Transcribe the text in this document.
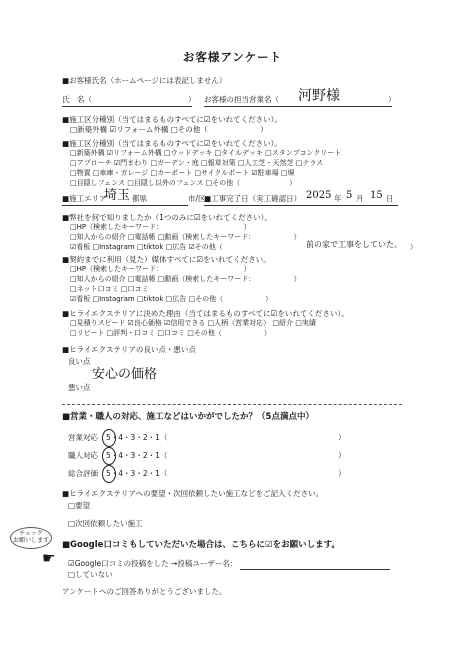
お客様アンケート
■お客様氏名（ホームページには表記しません）
氏　名（	） お客様の担当営業名（ 河野様	）
■施工区分種別（当てはまるものすべてに☑をいれてください）。
□新築外構 ☑リフォーム外構 □その他（　　　　　　　）
■施工区分種別（当てはまるものすべてに☑をいれてください）。
□新築外構 ☑リフォーム外構 □ウッドデッキ □タイルデッキ □スタンプコンクリート
□アプローチ ☑門まわり □ガーデン・庭 □報草対策 □人工芝・天然芝 □テラス
□物置 □車庫・ガレージ □カーポート □サイクルポート ☑駐車場 □塀
□目隠しフェンス □目隠し以外のフェンス □その他（　　　　　　　）
■施工エリア
埼玉 都県	市/区
■工事完了日（実工確認日） 2025 年 5 月 15 日
■弊社を何で知りましたか（1つのみに☑をいれてください）。
□HP（検索したキーワード：　　　　　　　　　　　　）
□知人からの紹介 □電話帳 □動画（検索したキーワード：　　　　　　）
☑看板 □Instagram □tiktok □広告 ☑その他（	前の家で工事をしていた。 ）
■契約までに利用（見た）媒体すべてに☑をいれてください。
□HP（検索したキーワード：　　　　　　　　　　　　）
□知人からの紹介 □電話帳 □動画（検索したキーワード：　　　　　　）
□ネット口コミ □口コミ
☑看板 □Instagram □tiktok □広告 □その他（　　　　　　）
■ヒライエクステリアに決めた理由（当てはまるものすべてに☑をいれてください）。
□見積りスピード ☑良心価格 ☑信用できる □人柄（営業対応） □紹介 □実績
□リピート □評判・口コミ □口コミ □その他（　　　　　　）
■ヒライエクステリアの良い点・悪い点
良い点
安心の価格
悪い点
■営業・職人の対応、施工などはいかがでしたか？（5点満点中）
営業対応 5・4・3・2・1（	）
職人対応 5・4・3・2・1（	）
総合評価 5・4・3・2・1（	）
■ヒライエクステリアへの要望・次回依頼したい施工などをご記入ください。
□要望
□次回依頼したい施工
チェック
お願いします
☛
■Google口コミもしていただいた場合は、こちらに☑をお願いします。
☑Google口コミの投稿をした →投稿ユーザー名：
□していない
アンケートへのご回答ありがとうございました。
